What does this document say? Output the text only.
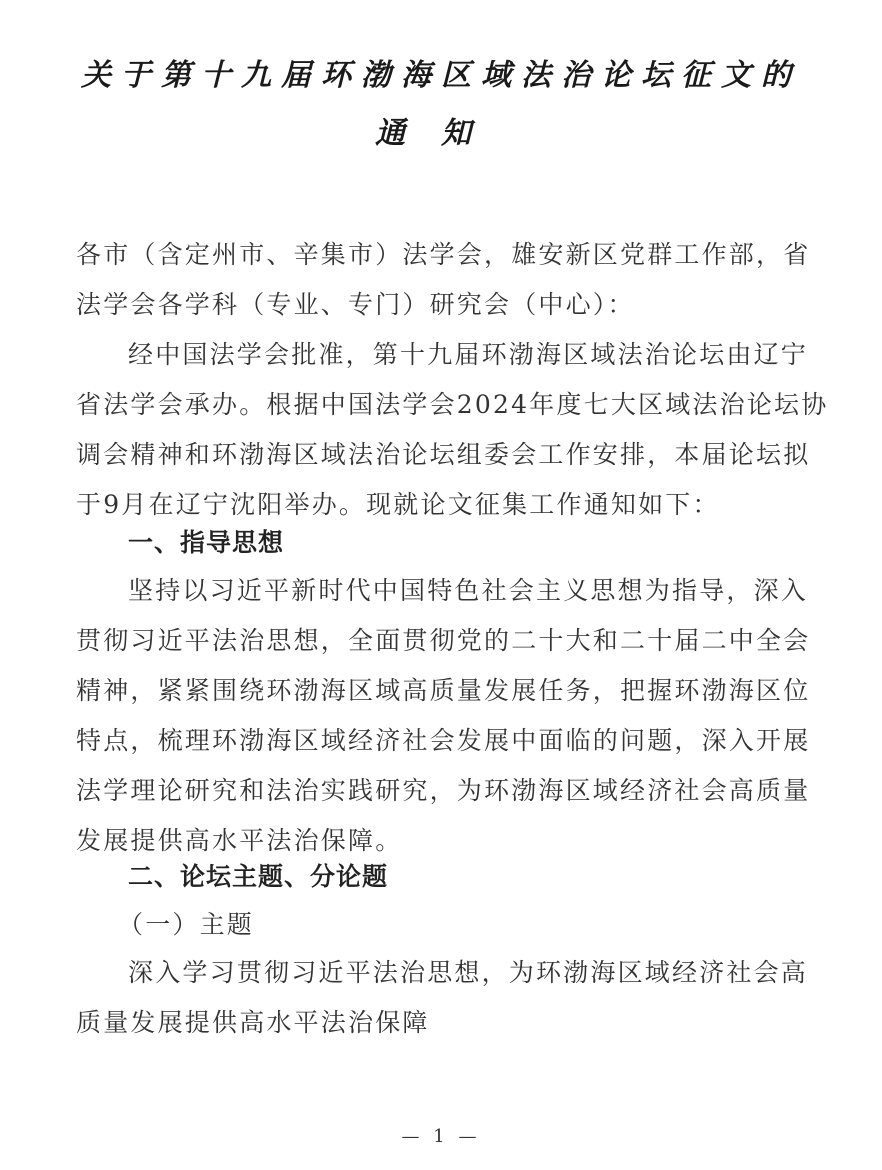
关于第十九届环渤海区域法治论坛征文的
通知
各市（含定州市、辛集市）法学会，雄安新区党群工作部，省
法学会各学科（专业、专门）研究会（中心）：
经中国法学会批准，第十九届环渤海区域法治论坛由辽宁
省法学会承办。根据中国法学会2024年度七大区域法治论坛协
调会精神和环渤海区域法治论坛组委会工作安排，本届论坛拟
于9月在辽宁沈阳举办。现就论文征集工作通知如下：
一、指导思想
坚持以习近平新时代中国特色社会主义思想为指导，深入
贯彻习近平法治思想，全面贯彻党的二十大和二十届二中全会
精神，紧紧围绕环渤海区域高质量发展任务，把握环渤海区位
特点，梳理环渤海区域经济社会发展中面临的问题，深入开展
法学理论研究和法治实践研究，为环渤海区域经济社会高质量
发展提供高水平法治保障。
二、论坛主题、分论题
（一）主题
深入学习贯彻习近平法治思想，为环渤海区域经济社会高
质量发展提供高水平法治保障
— 1 —
